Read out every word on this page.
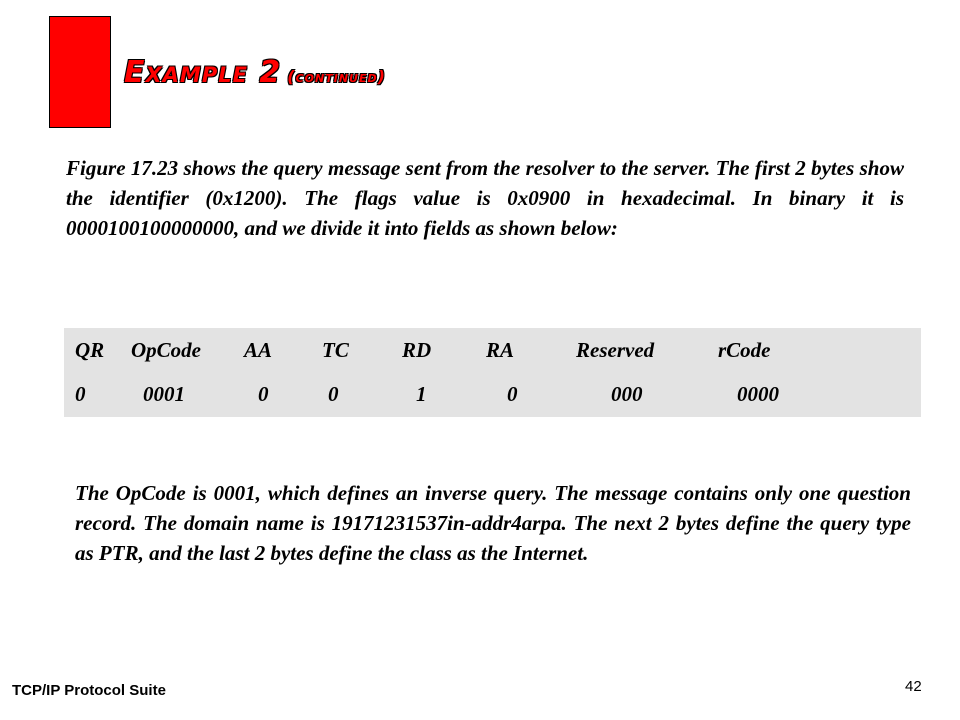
Example 2 (continued)

Figure 17.23 shows the query message sent from the resolver to the server. The first 2 bytes show the identifier (0x1200). The flags value is 0x0900 in hexadecimal. In binary it is 0000100100000000, and we divide it into fields as shown below:

QR	OpCode	AA	TC	RD	RA	Reserved	rCode
0	0001	0	0	1	0	000	0000

The OpCode is 0001, which defines an inverse query. The message contains only one question record. The domain name is 19171231537in-addr4arpa. The next 2 bytes define the query type as PTR, and the last 2 bytes define the class as the Internet.

TCP/IP Protocol Suite	42
